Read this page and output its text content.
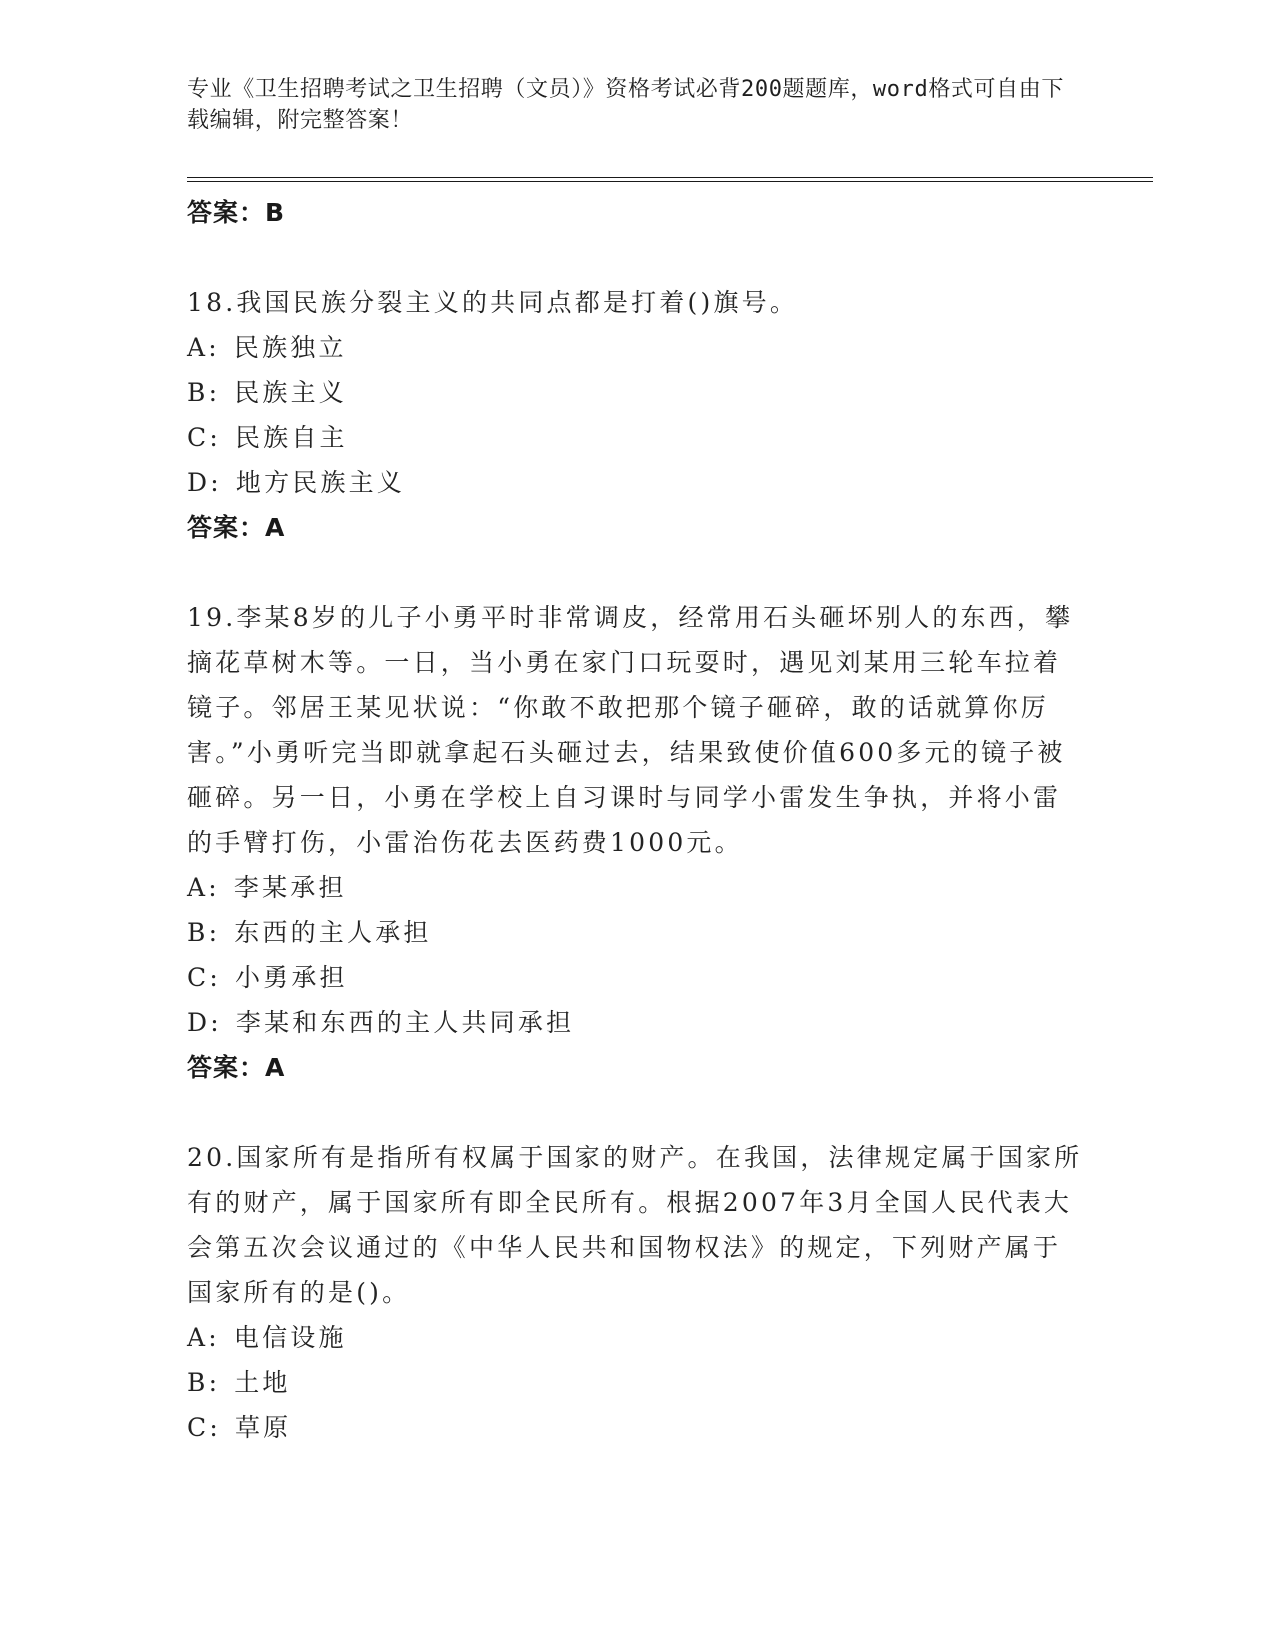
专业《卫生招聘考试之卫生招聘（文员）》资格考试必背200题题库，word格式可自由下载编辑，附完整答案！
答案：B

18.我国民族分裂主义的共同点都是打着()旗号。

A: 民族独立
B: 民族主义
C: 民族自主
D: 地方民族主义
答案：A

19.李某8岁的儿子小勇平时非常调皮，经常用石头砸坏别人的东西，攀摘花草树木等。一日，当小勇在家门口玩耍时，遇见刘某用三轮车拉着镜子。邻居王某见状说：“你敢不敢把那个镜子砸碎，敢的话就算你厉害。”小勇听完当即就拿起石头砸过去，结果致使价值600多元的镜子被砸碎。另一日，小勇在学校上自习课时与同学小雷发生争执，并将小雷的手臂打伤，小雷治伤花去医药费1000元。

A: 李某承担
B: 东西的主人承担
C: 小勇承担
D: 李某和东西的主人共同承担
答案：A

20.国家所有是指所有权属于国家的财产。在我国，法律规定属于国家所有的财产，属于国家所有即全民所有。根据2007年3月全国人民代表大会第五次会议通过的《中华人民共和国物权法》的规定，下列财产属于国家所有的是()。

A: 电信设施
B: 土地
C: 草原
